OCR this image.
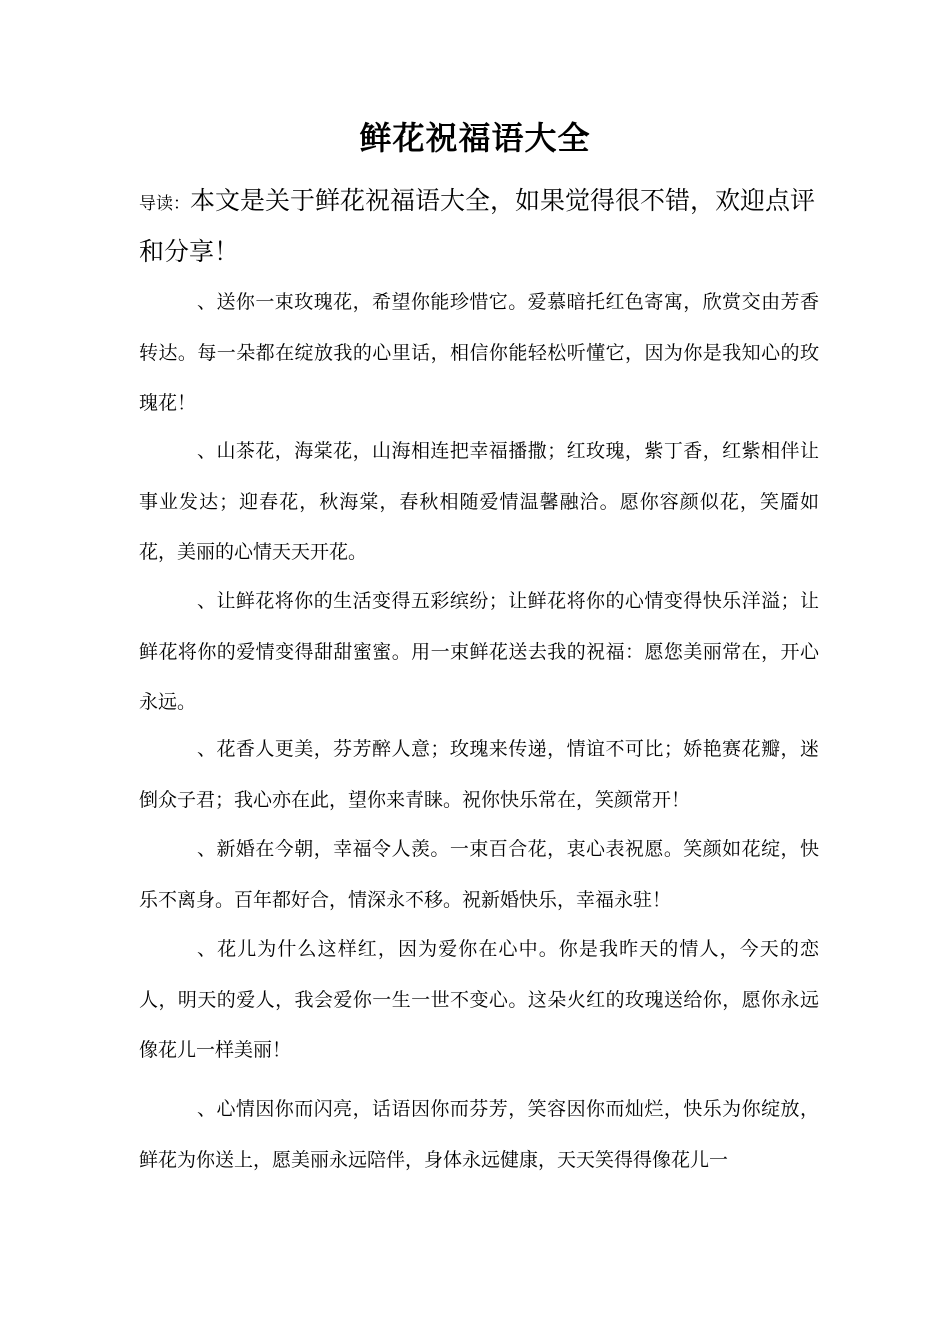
鲜花祝福语大全
导读：本文是关于鲜花祝福语大全，如果觉得很不错，欢迎点评和分享！

、送你一束玫瑰花，希望你能珍惜它。爱慕暗托红色寄寓，欣赏交由芳香转达。每一朵都在绽放我的心里话，相信你能轻松听懂它，因为你是我知心的玫瑰花！

、山茶花，海棠花，山海相连把幸福播撒；红玫瑰，紫丁香，红紫相伴让事业发达；迎春花，秋海棠，春秋相随爱情温馨融洽。愿你容颜似花，笑靥如花，美丽的心情天天开花。

、让鲜花将你的生活变得五彩缤纷；让鲜花将你的心情变得快乐洋溢；让鲜花将你的爱情变得甜甜蜜蜜。用一束鲜花送去我的祝福：愿您美丽常在，开心永远。

、花香人更美，芬芳醉人意；玫瑰来传递，情谊不可比；娇艳赛花瓣，迷倒众子君；我心亦在此，望你来青睐。祝你快乐常在，笑颜常开！

、新婚在今朝，幸福令人羡。一束百合花，衷心表祝愿。笑颜如花绽，快乐不离身。百年都好合，情深永不移。祝新婚快乐，幸福永驻！

、花儿为什么这样红，因为爱你在心中。你是我昨天的情人，今天的恋人，明天的爱人，我会爱你一生一世不变心。这朵火红的玫瑰送给你，愿你永远像花儿一样美丽！

、心情因你而闪亮，话语因你而芬芳，笑容因你而灿烂，快乐为你绽放，鲜花为你送上，愿美丽永远陪伴，身体永远健康，天天笑得得像花儿一
